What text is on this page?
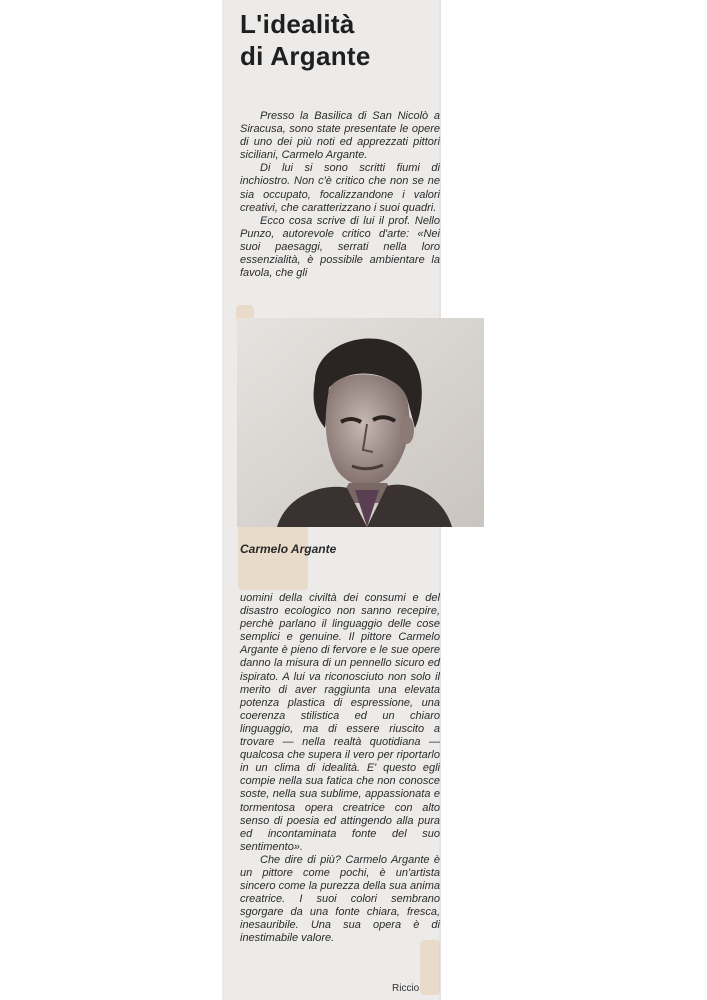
L'idealità
di Argante

Presso la Basilica di San Nicolò a Siracusa, sono state presentate le opere di uno dei più noti ed apprezzati pittori siciliani, Carmelo Argante.

Di lui si sono scritti fiumi di inchiostro. Non c'è critico che non se ne sia occupato, focalizzandone i valori creativi, che caratterizzano i suoi quadri.

Ecco cosa scrive di lui il prof. Nello Punzo, autorevole critico d'arte: «Nei suoi paesaggi, serrati nella loro essenzialità, è possibile ambientare la favola, che gli

Carmelo Argante

uomini della civiltà dei consumi e del disastro ecologico non sanno recepire, perchè parlano il linguaggio delle cose semplici e genuine. Il pittore Carmelo Argante è pieno di fervore e le sue opere danno la misura di un pennello sicuro ed ispirato. A lui va riconosciuto non solo il merito di aver raggiunta una elevata potenza plastica di espressione, una coerenza stilistica ed un chiaro linguaggio, ma di essere riuscito a trovare — nella realtà quotidiana — qualcosa che supera il vero per riportarlo in un clima di idealità. E' questo egli compie nella sua fatica che non conosce soste, nella sua sublime, appassionata e tormentosa opera creatrice con alto senso di poesia ed attingendo alla pura ed incontaminata fonte del suo sentimento».

Che dire di più? Carmelo Argante è un pittore come pochi, è un'artista sincero come la purezza della sua anima creatrice. I suoi colori sembrano sgorgare da una fonte chiara, fresca, inesauribile. Una sua opera è di inestimabile valore.

Riccio
